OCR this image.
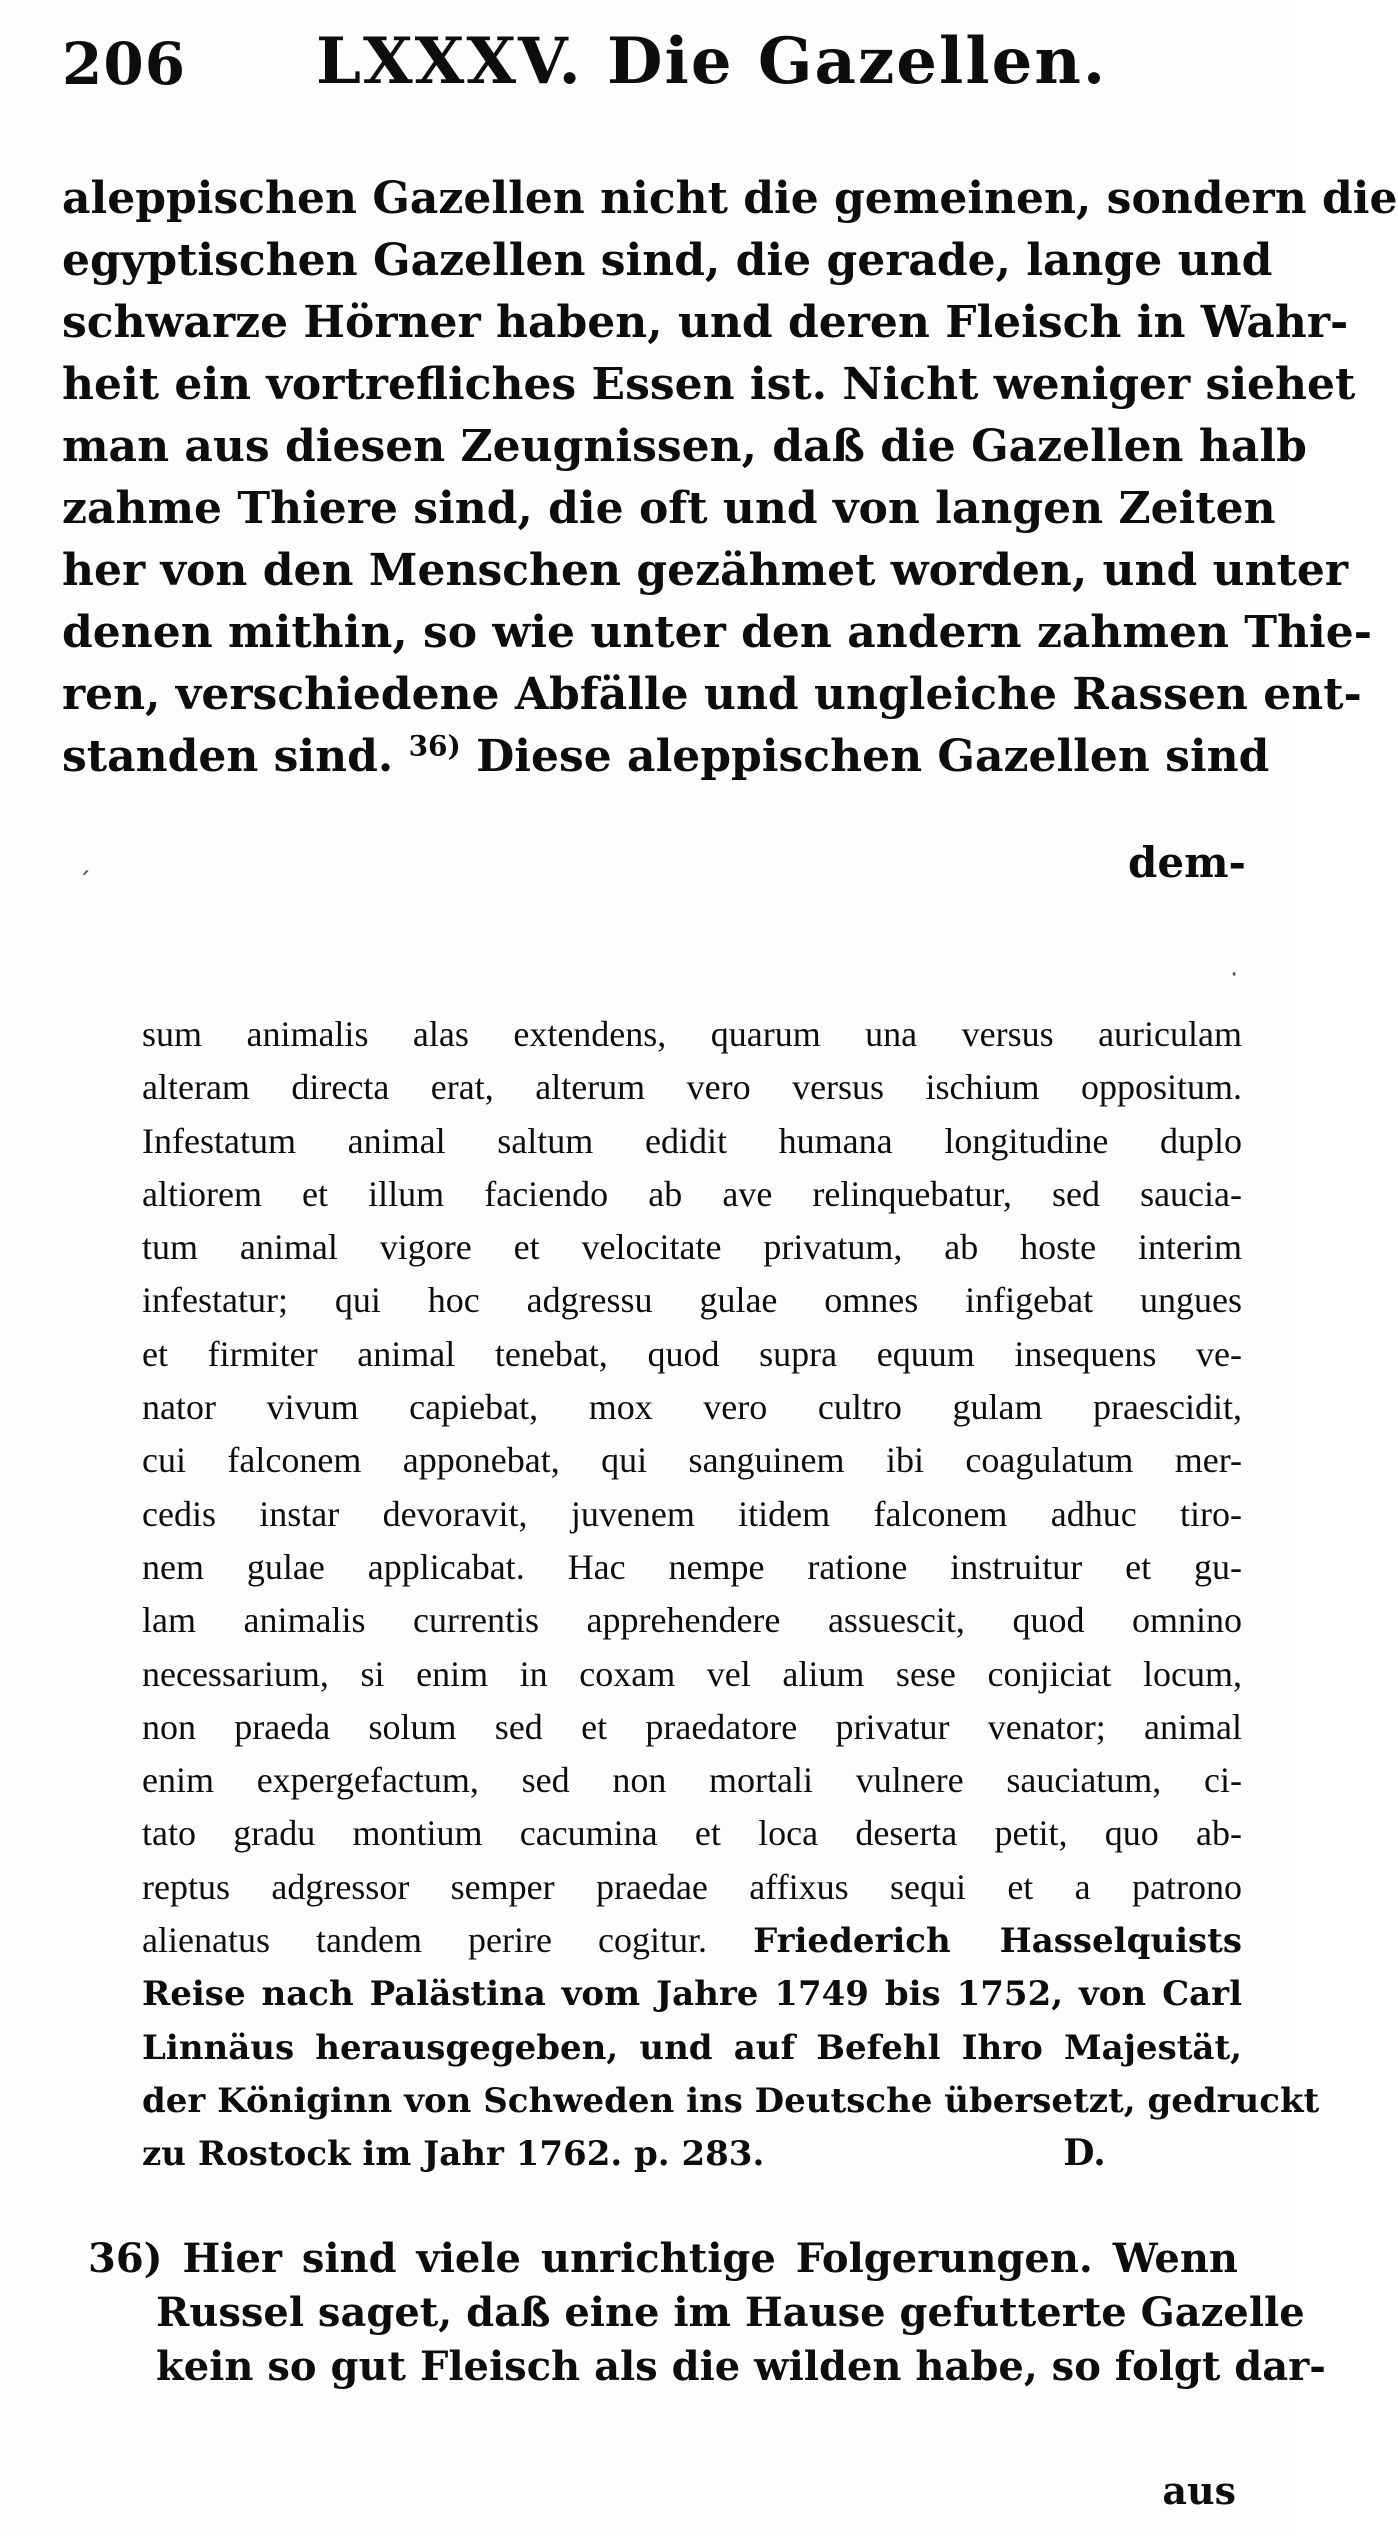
206 LXXXV. Die Gazellen.
aleppischen Gazellen nicht die gemeinen, sondern die
egyptischen Gazellen sind, die gerade, lange und
schwarze Hörner haben, und deren Fleisch in Wahr-
heit ein vortrefliches Essen ist. Nicht weniger siehet
man aus diesen Zeugnissen, daß die Gazellen halb
zahme Thiere sind, die oft und von langen Zeiten
her von den Menschen gezähmet worden, und unter
denen mithin, so wie unter den andern zahmen Thie-
ren, verschiedene Abfälle und ungleiche Rassen ent-
standen sind. $^{36)}$ Diese aleppischen Gazellen sind
dem-
ˊ
·
sum animalis alas extendens, quarum una versus auriculam
alteram directa erat, alterum vero versus ischium oppositum.
Infestatum animal saltum edidit humana longitudine duplo
altiorem et illum faciendo ab ave relinquebatur, sed saucia-
tum animal vigore et velocitate privatum, ab hoste interim
infestatur; qui hoc adgressu gulae omnes infigebat ungues
et firmiter animal tenebat, quod supra equum insequens ve-
nator vivum capiebat, mox vero cultro gulam praescidit,
cui falconem apponebat, qui sanguinem ibi coagulatum mer-
cedis instar devoravit, juvenem itidem falconem adhuc tiro-
nem gulae applicabat. Hac nempe ratione instruitur et gu-
lam animalis currentis apprehendere assuescit, quod omnino
necessarium, si enim in coxam vel alium sese conjiciat locum,
non praeda solum sed et praedatore privatur venator; animal
enim expergefactum, sed non mortali vulnere sauciatum, ci-
tato gradu montium cacumina et loca deserta petit, quo ab-
reptus adgressor semper praedae affixus sequi et a patrono
alienatus tandem perire cogitur. Friederich Hasselquists
Reise nach Palästina vom Jahre 1749 bis 1752, von Carl
Linnäus herausgegeben, und auf Befehl Ihro Majestät,
der Königinn von Schweden ins Deutsche übersetzt, gedruckt
zu Rostock im Jahr 1762. p. 283.	D.
36) Hier sind viele unrichtige Folgerungen. Wenn
Russel saget, daß eine im Hause gefutterte Gazelle
kein so gut Fleisch als die wilden habe, so folgt dar-
aus
